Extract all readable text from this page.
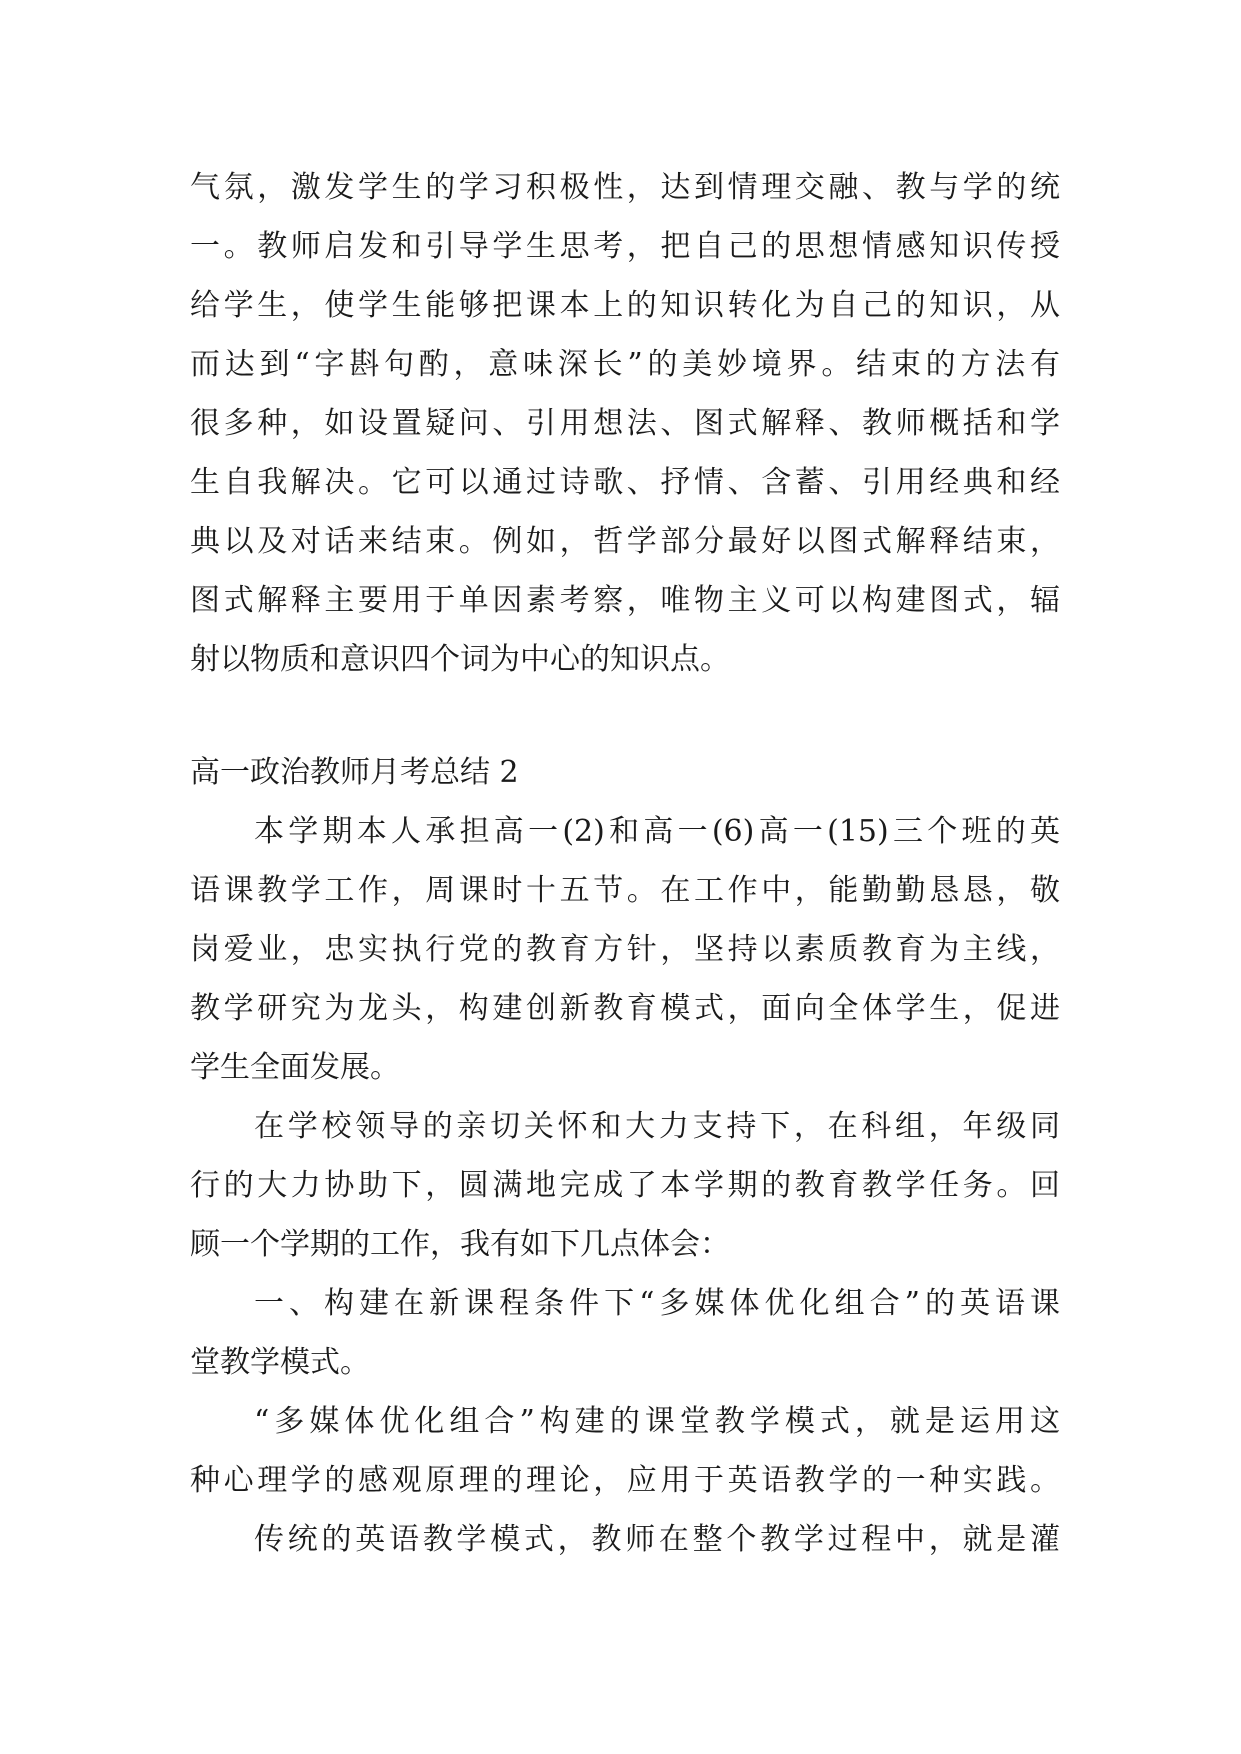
气氛，激发学生的学习积极性，达到情理交融、教与学的统
一。教师启发和引导学生思考，把自己的思想情感知识传授
给学生，使学生能够把课本上的知识转化为自己的知识，从
而达到“字斟句酌，意味深长”的美妙境界。结束的方法有
很多种，如设置疑问、引用想法、图式解释、教师概括和学
生自我解决。它可以通过诗歌、抒情、含蓄、引用经典和经
典以及对话来结束。例如，哲学部分最好以图式解释结束，
图式解释主要用于单因素考察，唯物主义可以构建图式，辐
射以物质和意识四个词为中心的知识点。
高一政治教师月考总结 2
本学期本人承担高一(2)和高一(6)高一(15)三个班的英
语课教学工作，周课时十五节。在工作中，能勤勤恳恳，敬
岗爱业，忠实执行党的教育方针，坚持以素质教育为主线，
教学研究为龙头，构建创新教育模式，面向全体学生，促进
学生全面发展。
在学校领导的亲切关怀和大力支持下，在科组，年级同
行的大力协助下，圆满地完成了本学期的教育教学任务。回
顾一个学期的工作，我有如下几点体会：
一、构建在新课程条件下“多媒体优化组合”的英语课
堂教学模式。
“多媒体优化组合”构建的课堂教学模式，就是运用这
种心理学的感观原理的理论，应用于英语教学的一种实践。
传统的英语教学模式，教师在整个教学过程中，就是灌
